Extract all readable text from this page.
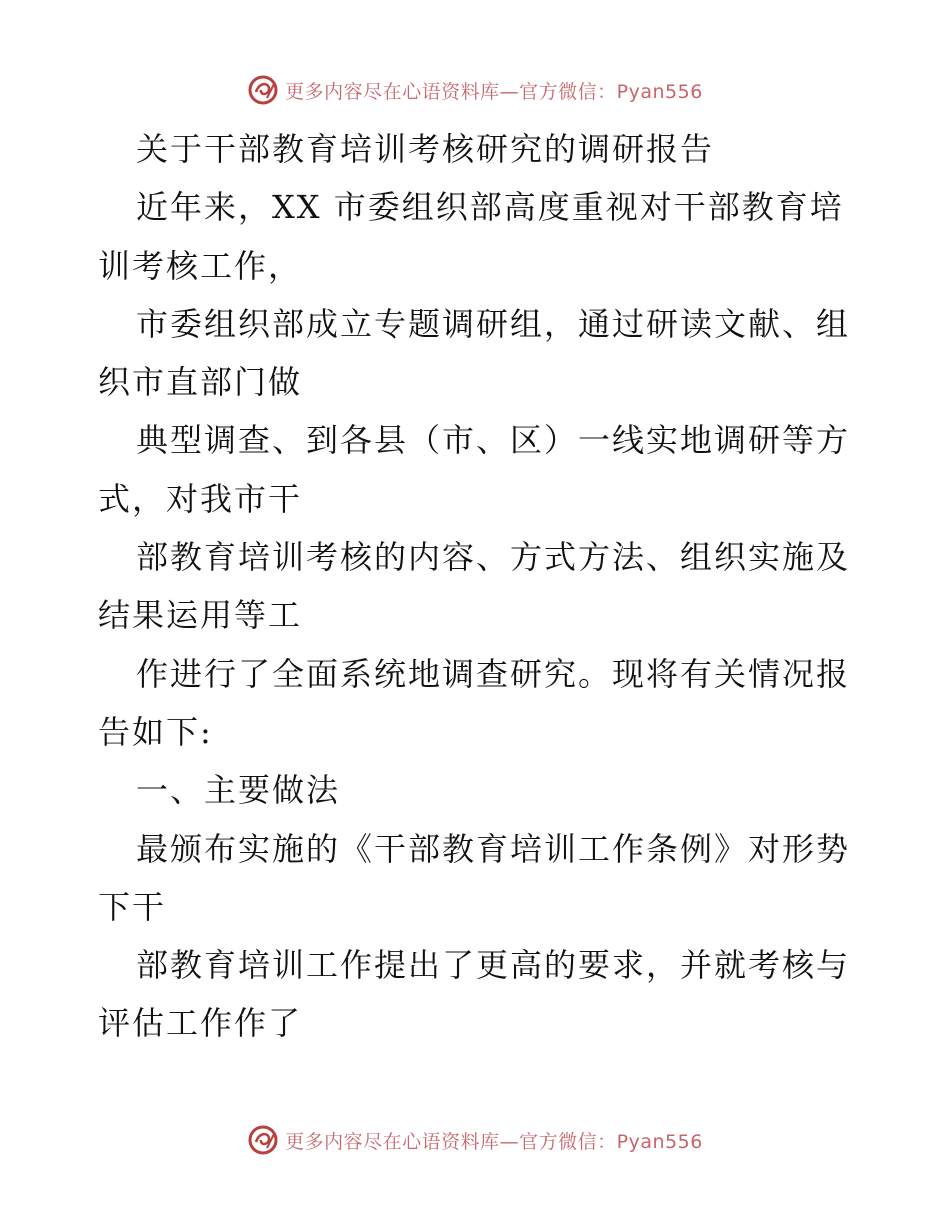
更多内容尽在心语资料库—官方微信：Pyan556
关于干部教育培训考核研究的调研报告
近年来，XX 市委组织部高度重视对干部教育培
训考核工作，
市委组织部成立专题调研组，通过研读文献、组
织市直部门做
典型调查、到各县（市、区）一线实地调研等方
式，对我市干
部教育培训考核的内容、方式方法、组织实施及
结果运用等工
作进行了全面系统地调查研究。现将有关情况报
告如下:
一、主要做法
最颁布实施的《干部教育培训工作条例》对形势
下干
部教育培训工作提出了更高的要求，并就考核与
评估工作作了
更多内容尽在心语资料库—官方微信：Pyan556
